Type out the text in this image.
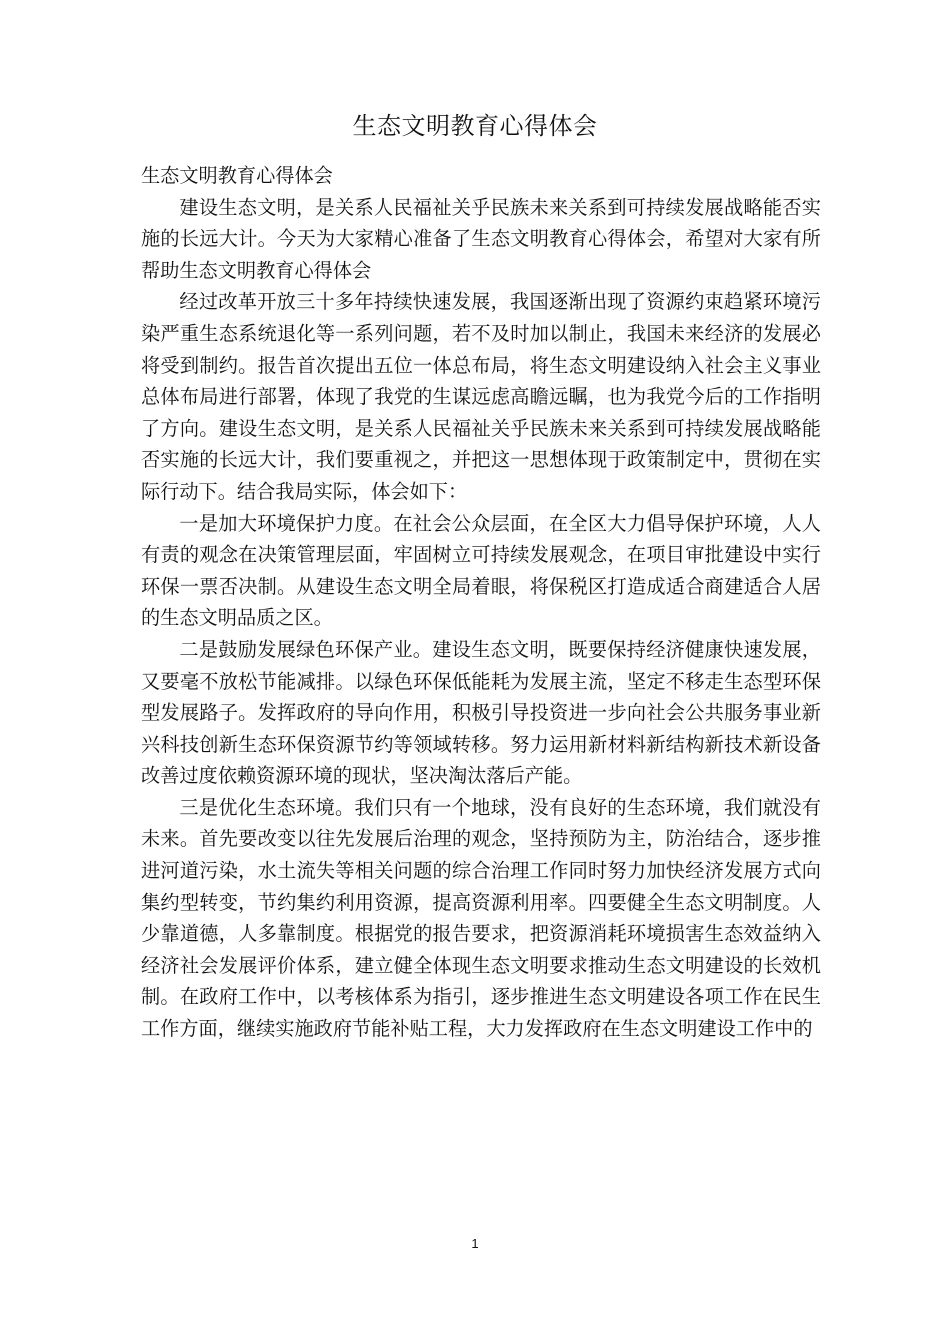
生态文明教育心得体会

生态文明教育心得体会

建设生态文明，是关系人民福祉关乎民族未来关系到可持续发展战略能否实施的长远大计。今天为大家精心准备了生态文明教育心得体会，希望对大家有所帮助生态文明教育心得体会

经过改革开放三十多年持续快速发展，我国逐渐出现了资源约束趋紧环境污染严重生态系统退化等一系列问题，若不及时加以制止，我国未来经济的发展必将受到制约。报告首次提出五位一体总布局，将生态文明建设纳入社会主义事业总体布局进行部署，体现了我党的生谋远虑高瞻远瞩，也为我党今后的工作指明了方向。建设生态文明，是关系人民福祉关乎民族未来关系到可持续发展战略能否实施的长远大计，我们要重视之，并把这一思想体现于政策制定中，贯彻在实际行动下。结合我局实际，体会如下：

一是加大环境保护力度。在社会公众层面，在全区大力倡导保护环境，人人有责的观念在决策管理层面，牢固树立可持续发展观念，在项目审批建设中实行环保一票否决制。从建设生态文明全局着眼，将保税区打造成适合商建适合人居的生态文明品质之区。

二是鼓励发展绿色环保产业。建设生态文明，既要保持经济健康快速发展，又要毫不放松节能减排。以绿色环保低能耗为发展主流，坚定不移走生态型环保型发展路子。发挥政府的导向作用，积极引导投资进一步向社会公共服务事业新兴科技创新生态环保资源节约等领域转移。努力运用新材料新结构新技术新设备改善过度依赖资源环境的现状，坚决淘汰落后产能。

三是优化生态环境。我们只有一个地球，没有良好的生态环境，我们就没有未来。首先要改变以往先发展后治理的观念，坚持预防为主，防治结合，逐步推进河道污染，水土流失等相关问题的综合治理工作同时努力加快经济发展方式向集约型转变，节约集约利用资源，提高资源利用率。四要健全生态文明制度。人少靠道德，人多靠制度。根据党的报告要求，把资源消耗环境损害生态效益纳入经济社会发展评价体系，建立健全体现生态文明要求推动生态文明建设的长效机制。在政府工作中，以考核体系为指引，逐步推进生态文明建设各项工作在民生工作方面，继续实施政府节能补贴工程，大力发挥政府在生态文明建设工作中的

1
